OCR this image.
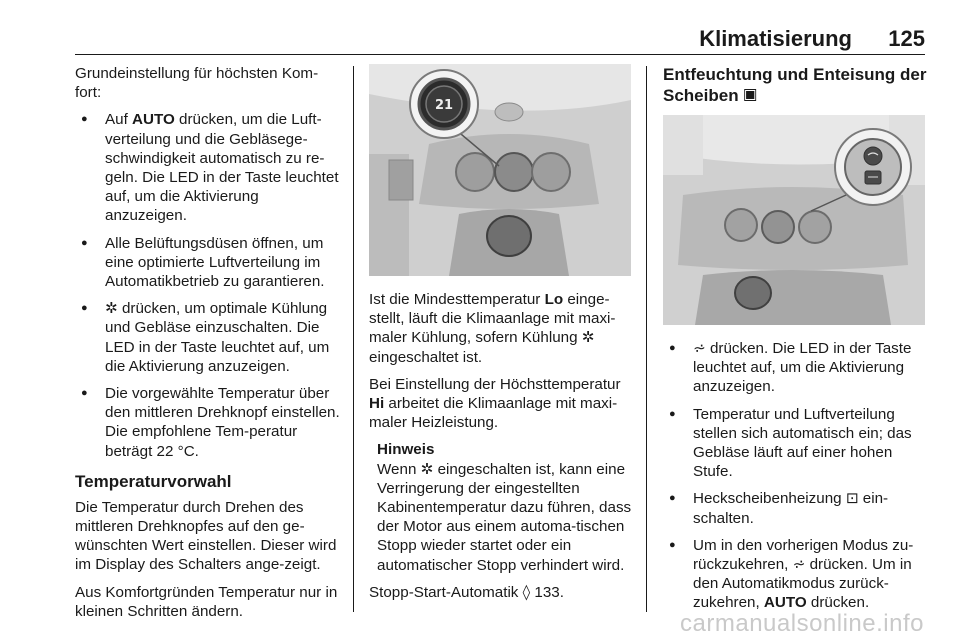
Klimatisierung 125

Grundeinstellung für höchsten Kom-fort:

● Auf AUTO drücken, um die Luft-verteilung und die Gebläsege-schwindigkeit automatisch zu re-geln. Die LED in der Taste leuchtet auf, um die Aktivierung anzuzeigen.
● Alle Belüftungsdüsen öffnen, um eine optimierte Luftverteilung im Automatikbetrieb zu garantieren.
● ✲ drücken, um optimale Kühlung und Gebläse einzuschalten. Die LED in der Taste leuchtet auf, um die Aktivierung anzuzeigen.
● Die vorgewählte Temperatur über den mittleren Drehknopf einstellen. Die empfohlene Tem-peratur beträgt 22 °C.
Temperaturvorwahl

Die Temperatur durch Drehen des mittleren Drehknopfes auf den ge-wünschten Wert einstellen. Dieser wird im Display des Schalters ange-zeigt.

Aus Komfortgründen Temperatur nur in kleinen Schritten ändern.

21

Ist die Mindesttemperatur Lo einge-stellt, läuft die Klimaanlage mit maxi-maler Kühlung, sofern Kühlung ✲ eingeschaltet ist.

Bei Einstellung der Höchsttemperatur Hi arbeitet die Klimaanlage mit maxi-maler Heizleistung.

Hinweis
Wenn ✲ eingeschalten ist, kann eine Verringerung der eingestellten Kabinentemperatur dazu führen, dass der Motor aus einem automa-tischen Stopp wieder startet oder ein automatischer Stopp verhindert wird.

Stopp-Start-Automatik ◊ 133.

Entfeuchtung und Enteisung der Scheiben 🞕
● ⩫ drücken. Die LED in der Taste leuchtet auf, um die Aktivierung anzuzeigen.
● Temperatur und Luftverteilung stellen sich automatisch ein; das Gebläse läuft auf einer hohen Stufe.
● Heckscheibenheizung ⊡ ein-schalten.
● Um in den vorherigen Modus zu-rückzukehren, ⩫ drücken. Um in den Automatikmodus zurück-zukehren, AUTO drücken.
carmanualsonline.info
